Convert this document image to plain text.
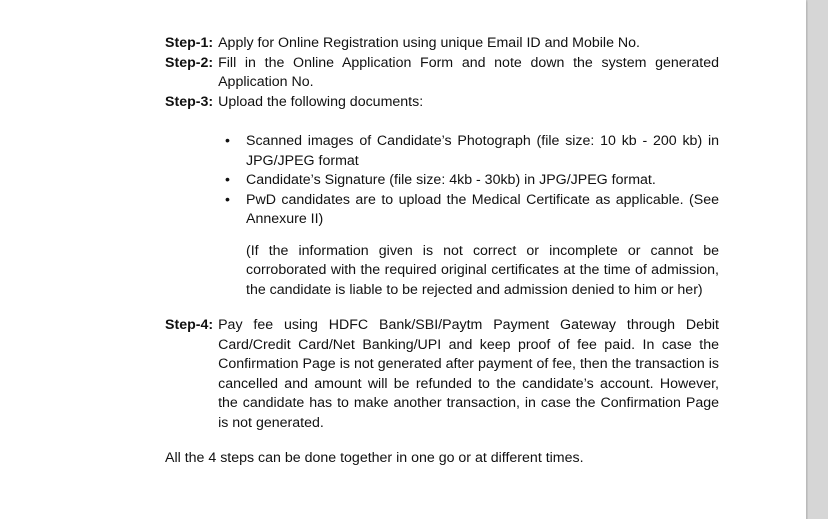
Step-1: Apply for Online Registration using unique Email ID and Mobile No.
Step-2: Fill in the Online Application Form and note down the system generated Application No.
Step-3: Upload the following documents:
• Scanned images of Candidate’s Photograph (file size: 10 kb - 200 kb) in JPG/JPEG format
• Candidate’s Signature (file size: 4kb - 30kb) in JPG/JPEG format.
• PwD candidates are to upload the Medical Certificate as applicable. (See Annexure II)
(If the information given is not correct or incomplete or cannot be corroborated with the required original certificates at the time of admission, the candidate is liable to be rejected and admission denied to him or her)
Step-4: Pay fee using HDFC Bank/SBI/Paytm Payment Gateway through Debit Card/Credit Card/Net Banking/UPI and keep proof of fee paid. In case the Confirmation Page is not generated after payment of fee, then the transaction is cancelled and amount will be refunded to the candidate’s account. However, the candidate has to make another transaction, in case the Confirmation Page is not generated.
All the 4 steps can be done together in one go or at different times.
